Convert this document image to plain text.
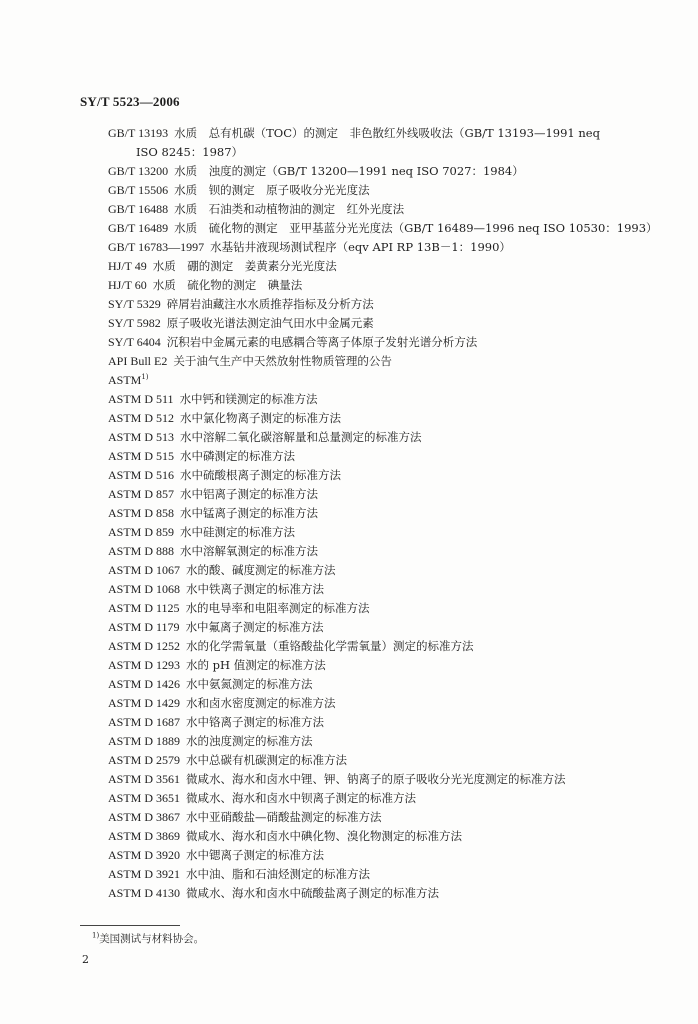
SY/T 5523—2006
GB/T 13193 水质　总有机碳（TOC）的测定　非色散红外线吸收法（GB/T 13193—1991 neq
ISO 8245：1987）
GB/T 13200 水质　浊度的测定（GB/T 13200—1991 neq ISO 7027：1984）
GB/T 15506 水质　钡的测定　原子吸收分光光度法
GB/T 16488 水质　石油类和动植物油的测定　红外光度法
GB/T 16489 水质　硫化物的测定　亚甲基蓝分光光度法（GB/T 16489—1996 neq ISO 10530：1993）
GB/T 16783—1997 水基钻井液现场测试程序（eqv API RP 13B－1：1990）
HJ/T 49 水质　硼的测定　姜黄素分光光度法
HJ/T 60 水质　硫化物的测定　碘量法
SY/T 5329 碎屑岩油藏注水水质推荐指标及分析方法
SY/T 5982 原子吸收光谱法测定油气田水中金属元素
SY/T 6404 沉积岩中金属元素的电感耦合等离子体原子发射光谱分析方法
API Bull E2 关于油气生产中天然放射性物质管理的公告
ASTM$^{1)}$
ASTM D 511 水中钙和镁测定的标准方法
ASTM D 512 水中氯化物离子测定的标准方法
ASTM D 513 水中溶解二氧化碳溶解量和总量测定的标准方法
ASTM D 515 水中磷测定的标准方法
ASTM D 516 水中硫酸根离子测定的标准方法
ASTM D 857 水中铝离子测定的标准方法
ASTM D 858 水中锰离子测定的标准方法
ASTM D 859 水中硅测定的标准方法
ASTM D 888 水中溶解氧测定的标准方法
ASTM D 1067 水的酸、碱度测定的标准方法
ASTM D 1068 水中铁离子测定的标准方法
ASTM D 1125 水的电导率和电阻率测定的标准方法
ASTM D 1179 水中氟离子测定的标准方法
ASTM D 1252 水的化学需氧量（重铬酸盐化学需氧量）测定的标准方法
ASTM D 1293 水的 pH 值测定的标准方法
ASTM D 1426 水中氨氮测定的标准方法
ASTM D 1429 水和卤水密度测定的标准方法
ASTM D 1687 水中铬离子测定的标准方法
ASTM D 1889 水的浊度测定的标准方法
ASTM D 2579 水中总碳有机碳测定的标准方法
ASTM D 3561 微咸水、海水和卤水中锂、钾、钠离子的原子吸收分光光度测定的标准方法
ASTM D 3651 微咸水、海水和卤水中钡离子测定的标准方法
ASTM D 3867 水中亚硝酸盐—硝酸盐测定的标准方法
ASTM D 3869 微咸水、海水和卤水中碘化物、溴化物测定的标准方法
ASTM D 3920 水中锶离子测定的标准方法
ASTM D 3921 水中油、脂和石油烃测定的标准方法
ASTM D 4130 微咸水、海水和卤水中硫酸盐离子测定的标准方法
$^{1)}$美国测试与材料协会。
2
